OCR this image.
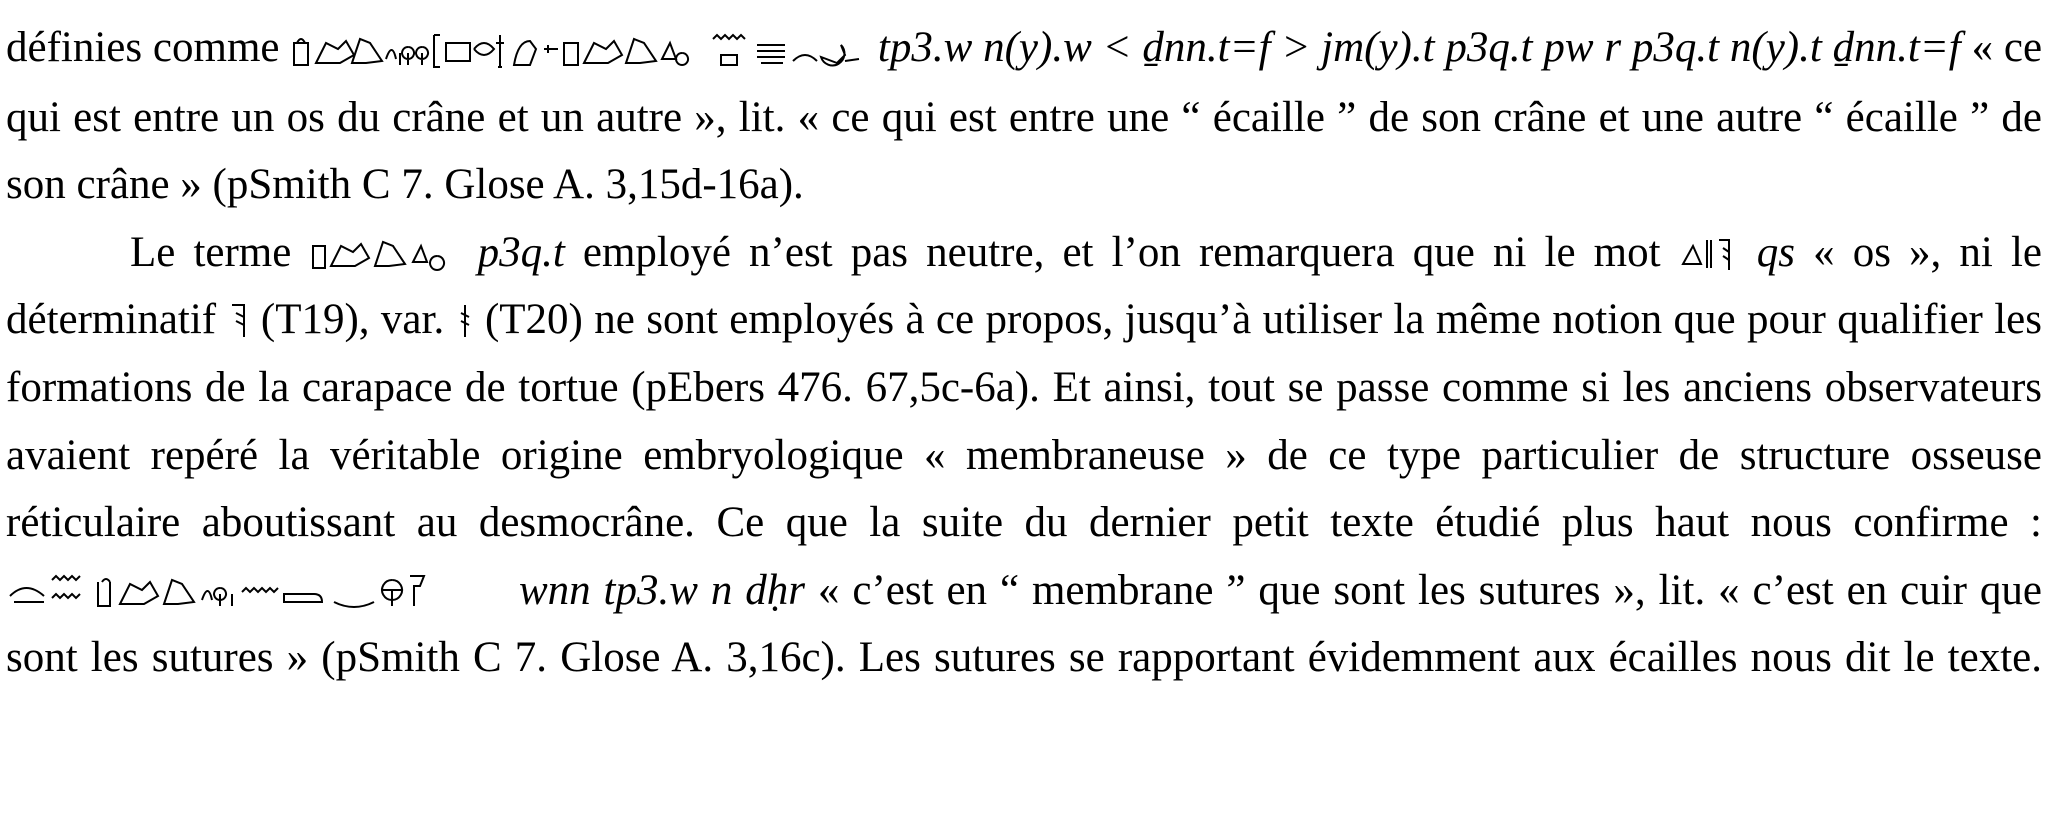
définies comme
	tp3.w n(y).w < ḏnn.t=f > jm(y).t p3q.t pw r p3q.t n(y).t ḏnn.t=f « ce qui est entre un os du crâne et un autre », lit. « ce qui est entre une “ écaille ” de son crâne et une autre “ écaille ” de son crâne » (pSmith C 7. Glose A. 3,15d-16a).

Le terme	p3q.t employé n’est pas neutre, et l’on remarquera que ni le mot
qs « os », ni le déterminatif
(T19), var.
(T20) ne sont employés à ce propos, jusqu’à utiliser la même notion que pour qualifier les formations de la carapace de tortue (pEbers 476. 67,5c-6a). Et ainsi, tout se passe comme si les anciens observateurs avaient repéré la véritable origine embryologique « membraneuse » de ce type particulier de structure osseuse réticulaire aboutissant au desmocrâne. Ce que la suite du dernier petit texte étudié plus haut nous confirme :
wnn tp3.w n dḥr « c’est en “ membrane ” que sont les sutures », lit. « c’est en cuir que sont les sutures » (pSmith C 7. Glose A. 3,16c). Les sutures se rapportant évidemment aux écailles nous dit le texte.
